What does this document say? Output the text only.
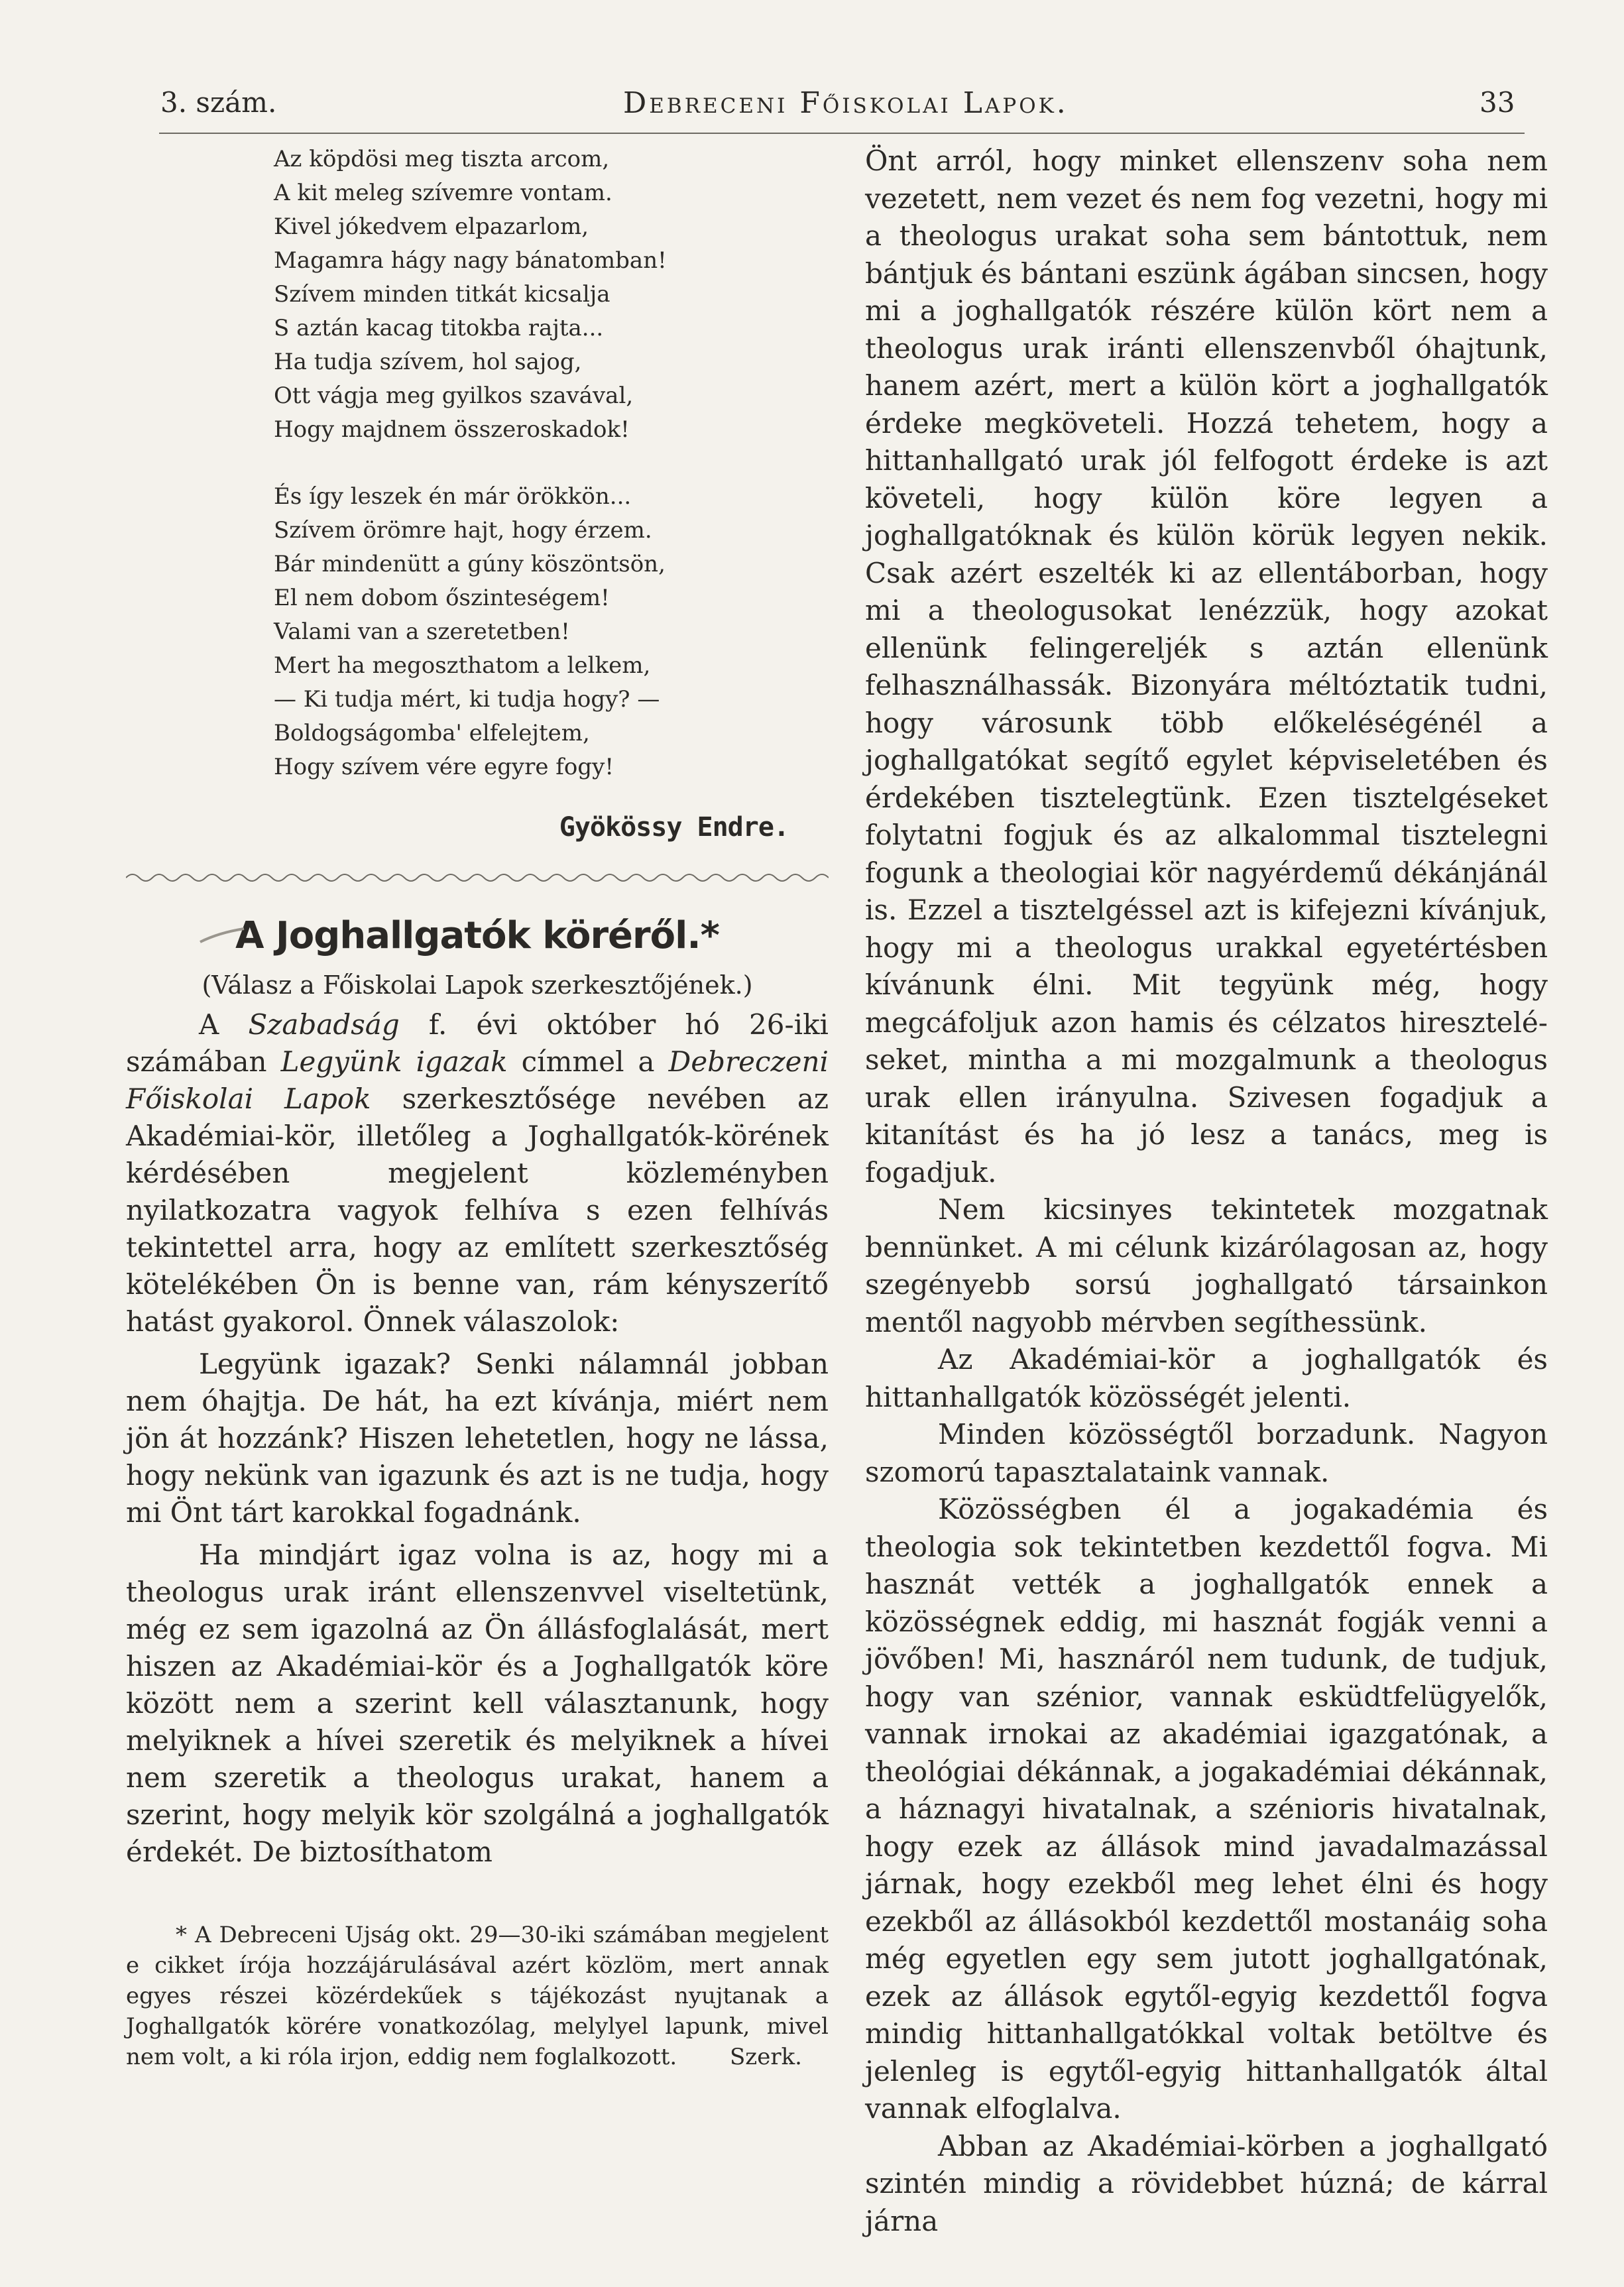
3. szám.	Debreceni Főiskolai Lapok.	33
Az köpdösi meg tiszta arcom,
A kit meleg szívemre vontam.
Kivel jókedvem elpazarlom,
Magamra hágy nagy bánatomban!
Szívem minden titkát kicsalja
S aztán kacag titokba rajta...
Ha tudja szívem, hol sajog,
Ott vágja meg gyilkos szavával,
Hogy majdnem összeroskadok!
És így leszek én már örökkön...
Szívem örömre hajt, hogy érzem.
Bár mindenütt a gúny köszöntsön,
El nem dobom őszinteségem!
Valami van a szeretetben!
Mert ha megoszthatom a lelkem,
— Ki tudja mért, ki tudja hogy? —
Boldogságomba' elfelejtem,
Hogy szívem vére egyre fogy!
Gyökössy Endre.
A Joghallgatók köréről.*
(Válasz a Főiskolai Lapok szerkesztőjének.)

A Szabadság f. évi október hó 26-iki számában Legyünk igazak címmel a Debreczeni Főiskolai Lapok szerkesztősége nevében az Akadémiai-kör, illetőleg a Joghallgatók-körének kérdésében megjelent közleményben nyilatkozatra vagyok felhíva s ezen felhívás tekintettel arra, hogy az említett szerkesztőség kötelékében Ön is benne van, rám kényszerítő hatást gyakorol. Önnek válaszolok:

Legyünk igazak? Senki nálamnál jobban nem óhajtja. De hát, ha ezt kívánja, miért nem jön át hozzánk? Hiszen lehetetlen, hogy ne lássa, hogy nekünk van igazunk és azt is ne tudja, hogy mi Önt tárt karokkal fogadnánk.

Ha mindjárt igaz volna is az, hogy mi a theologus urak iránt ellenszenvvel viseltetünk, még ez sem igazolná az Ön állásfoglalását, mert hiszen az Akadémiai-kör és a Joghallgatók köre között nem a szerint kell választanunk, hogy melyiknek a hívei szeretik és melyiknek a hívei nem szeretik a theologus urakat, hanem a szerint, hogy melyik kör szolgálná a joghallgatók érdekét. De biztosíthatom

* A Debreceni Ujság okt. 29—30-iki számában megjelent e cikket írója hozzájárulásával azért közlöm, mert annak egyes részei közérdekűek s tájékozást nyujtanak a Joghallgatók körére vonatkozólag, melylyel lapunk, mivel nem volt, a ki róla irjon, eddig nem foglalkozott.	Szerk.

Önt arról, hogy minket ellenszenv soha nem vezetett, nem vezet és nem fog vezetni, hogy mi a theologus urakat soha sem bántottuk, nem bántjuk és bántani eszünk ágában sincsen, hogy mi a joghallgatók részére külön kört nem a theologus urak iránti ellenszenvből óhajtunk, hanem azért, mert a külön kört a joghallgatók érdeke megköveteli. Hozzá tehetem, hogy a hittanhallgató urak jól felfogott érdeke is azt követeli, hogy külön köre legyen a joghallgatóknak és külön körük legyen nekik. Csak azért eszelték ki az ellentáborban, hogy mi a theologusokat lenézzük, hogy azokat ellenünk felingereljék s aztán ellenünk felhasználhassák. Bizonyára méltóztatik tudni, hogy városunk több előkeléségénél a joghallgatókat segítő egylet képviseletében és érdekében tisztelegtünk. Ezen tisztelgéseket folytatni fogjuk és az alkalommal tisztelegni fogunk a theologiai kör nagyérdemű dékánjánál is. Ezzel a tisztelgéssel azt is kifejezni kívánjuk, hogy mi a theologus urakkal egyetértésben kívánunk élni. Mit tegyünk még, hogy megcáfoljuk azon hamis és célzatos hireszteléseket, mintha a mi mozgalmunk a theologus urak ellen irányulna. Szivesen fogadjuk a kitanítást és ha jó lesz a tanács, meg is fogadjuk.

Nem kicsinyes tekintetek mozgatnak bennünket. A mi célunk kizárólagosan az, hogy szegényebb sorsú joghallgató társainkon mentől nagyobb mérvben segíthessünk.

Az Akadémiai-kör a joghallgatók és hittanhallgatók közösségét jelenti.

Minden közösségtől borzadunk. Nagyon szomorú tapasztalataink vannak.

Közösségben él a jogakadémia és theologia sok tekintetben kezdettől fogva. Mi hasznát vették a joghallgatók ennek a közösségnek eddig, mi hasznát fogják venni a jövőben! Mi, hasznáról nem tudunk, de tudjuk, hogy van szénior, vannak esküdtfelügyelők, vannak irnokai az akadémiai igazgatónak, a theológiai dékánnak, a jogakadémiai dékánnak, a háznagyi hivatalnak, a szénioris hivatalnak, hogy ezek az állások mind javadalmazással járnak, hogy ezekből meg lehet élni és hogy ezekből az állásokból kezdettől mostanáig soha még egyetlen egy sem jutott joghallgatónak, ezek az állások egytől-egyig kezdettől fogva mindig hittanhallgatókkal voltak betöltve és jelenleg is egytől-egyig hittanhallgatók által vannak elfoglalva.

Abban az Akadémiai-körben a joghallgató szintén mindig a rövidebbet húzná; de kárral járna
